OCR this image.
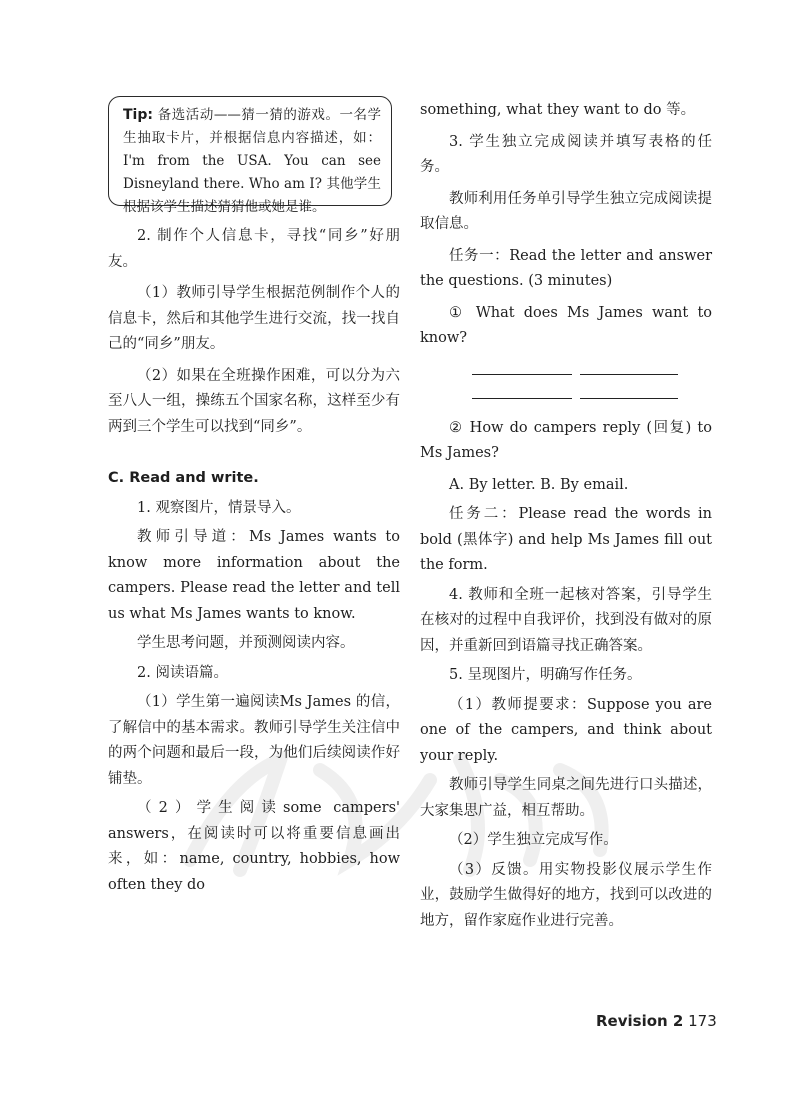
Tip: 备选活动——猜一猜的游戏。一名学生抽取卡片，并根据信息内容描述，如：I'm from the USA. You can see Disneyland there. Who am I? 其他学生根据该学生描述猜猜他或她是谁。

2. 制作个人信息卡，寻找“同乡”好朋友。

（1）教师引导学生根据范例制作个人的信息卡，然后和其他学生进行交流，找一找自己的“同乡”朋友。

（2）如果在全班操作困难，可以分为六至八人一组，操练五个国家名称，这样至少有两到三个学生可以找到“同乡”。

C. Read and write.

1. 观察图片，情景导入。

教师引导道：Ms James wants to know more information about the campers. Please read the letter and tell us what Ms James wants to know.

学生思考问题，并预测阅读内容。

2. 阅读语篇。

（1）学生第一遍阅读Ms James 的信，了解信中的基本需求。教师引导学生关注信中的两个问题和最后一段，为他们后续阅读作好铺垫。

（2）学生阅读some campers' answers，在阅读时可以将重要信息画出来，如：name, country, hobbies, how often they do

something, what they want to do 等。

3. 学生独立完成阅读并填写表格的任务。

教师利用任务单引导学生独立完成阅读提取信息。

任务一：Read the letter and answer the questions. (3 minutes)

① What does Ms James want to know?

② How do campers reply (回复) to Ms James?

A. By letter. B. By email.

任务二：Please read the words in bold (黑体字) and help Ms James fill out the form.

4. 教师和全班一起核对答案，引导学生在核对的过程中自我评价，找到没有做对的原因，并重新回到语篇寻找正确答案。

5. 呈现图片，明确写作任务。

（1）教师提要求：Suppose you are one of the campers, and think about your reply.

教师引导学生同桌之间先进行口头描述，大家集思广益，相互帮助。

（2）学生独立完成写作。

（3）反馈。用实物投影仪展示学生作业，鼓励学生做得好的地方，找到可以改进的地方，留作家庭作业进行完善。

Revision 2 173
